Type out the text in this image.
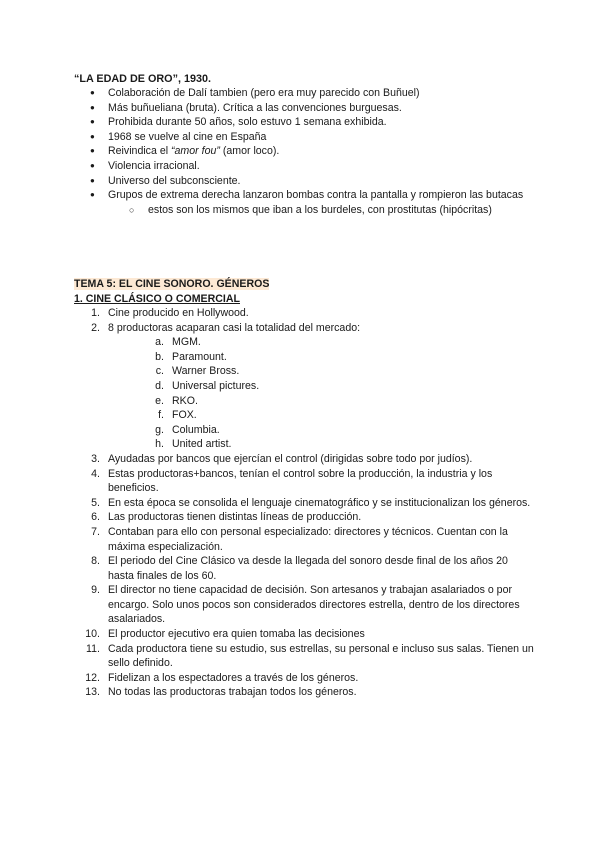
“LA EDAD DE ORO”, 1930.
● Colaboración de Dalí tambien (pero era muy parecido con Buñuel)
● Más buñueliana (bruta). Crítica a las convenciones burguesas.
● Prohibida durante 50 años, solo estuvo 1 semana exhibida.
● 1968 se vuelve al cine en España
● Reivindica el “amor fou” (amor loco).
● Violencia irracional.
● Universo del subconsciente.
● Grupos de extrema derecha lanzaron bombas contra la pantalla y rompieron las butacas
○ estos son los mismos que iban a los burdeles, con prostitutas (hipócritas)
TEMA 5: EL CINE SONORO. GÉNEROS
1. CINE CLÁSICO O COMERCIAL
1. Cine producido en Hollywood.
2. 8 productoras acaparan casi la totalidad del mercado:
a. MGM.
b. Paramount.
c. Warner Bross.
d. Universal pictures.
e. RKO.
f. FOX.
g. Columbia.
h. United artist.
3. Ayudadas por bancos que ejercían el control (dirigidas sobre todo por judíos).
4. Estas productoras+bancos, tenían el control sobre la producción, la industria y los beneficios.
5. En esta época se consolida el lenguaje cinematográfico y se institucionalizan los géneros.
6. Las productoras tienen distintas líneas de producción.
7. Contaban para ello con personal especializado: directores y técnicos. Cuentan con la máxima especialización.
8. El periodo del Cine Clásico va desde la llegada del sonoro desde final de los años 20 hasta finales de los 60.
9. El director no tiene capacidad de decisión. Son artesanos y trabajan asalariados o por encargo. Solo unos pocos son considerados directores estrella, dentro de los directores asalariados.
10. El productor ejecutivo era quien tomaba las decisiones
11. Cada productora tiene su estudio, sus estrellas, su personal e incluso sus salas. Tienen un sello definido.
12. Fidelizan a los espectadores a través de los géneros.
13. No todas las productoras trabajan todos los géneros.
